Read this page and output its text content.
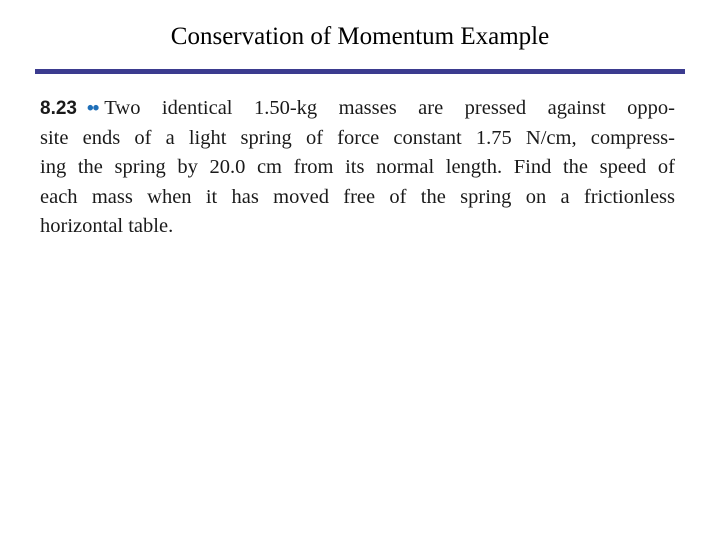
Conservation of Momentum Example
8.23 •• Two identical 1.50-kg masses are pressed against oppo-
site ends of a light spring of force constant 1.75 N/cm, compress-
ing the spring by 20.0 cm from its normal length. Find the speed of
each mass when it has moved free of the spring on a frictionless
horizontal table.
